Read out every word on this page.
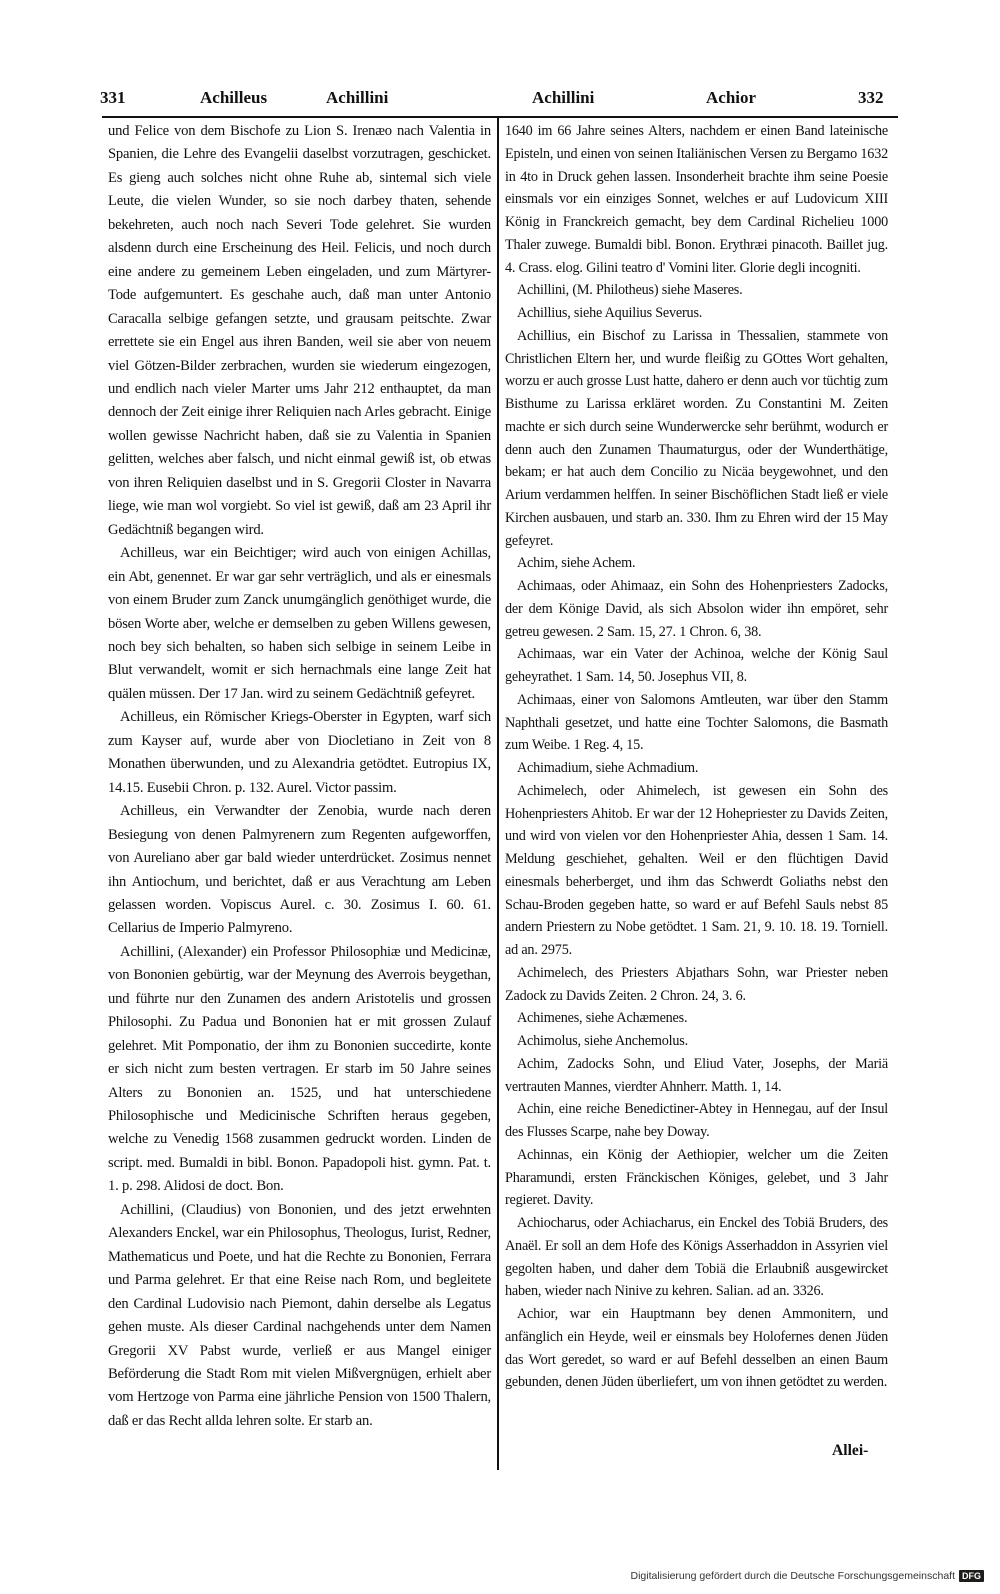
331	Achilleus	Achillini	Achillini	Achior	332

und Felice von dem Bischofe zu Lion S. Irenæo nach Valentia in Spanien, die Lehre des Evangelii daselbst vorzutragen, geschicket. Es gieng auch solches nicht ohne Ruhe ab, sintemal sich viele Leute, die vielen Wunder, so sie noch darbey thaten, sehende bekehreten, auch noch nach Severi Tode gelehret. Sie wurden alsdenn durch eine Erscheinung des Heil. Felicis, und noch durch eine andere zu gemeinem Leben eingeladen, und zum Märtyrer-Tode aufgemuntert. Es geschahe auch, daß man unter Antonio Caracalla selbige gefangen setzte, und grausam peitschte. Zwar errettete sie ein Engel aus ihren Banden, weil sie aber von neuem viel Götzen-Bilder zerbrachen, wurden sie wiederum eingezogen, und endlich nach vieler Marter ums Jahr 212 enthauptet, da man dennoch der Zeit einige ihrer Reliquien nach Arles gebracht. Einige wollen gewisse Nachricht haben, daß sie zu Valentia in Spanien gelitten, welches aber falsch, und nicht einmal gewiß ist, ob etwas von ihren Reliquien daselbst und in S. Gregorii Closter in Navarra liege, wie man wol vorgiebt. So viel ist gewiß, daß am 23 April ihr Gedächtniß begangen wird.

Achilleus, war ein Beichtiger; wird auch von einigen Achillas, ein Abt, genennet. Er war gar sehr verträglich, und als er einesmals von einem Bruder zum Zanck unumgänglich genöthiget wurde, die bösen Worte aber, welche er demselben zu geben Willens gewesen, noch bey sich behalten, so haben sich selbige in seinem Leibe in Blut verwandelt, womit er sich hernachmals eine lange Zeit hat quälen müssen. Der 17 Jan. wird zu seinem Gedächtniß gefeyret.

Achilleus, ein Römischer Kriegs-Oberster in Egypten, warf sich zum Kayser auf, wurde aber von Diocletiano in Zeit von 8 Monathen überwunden, und zu Alexandria getödtet. Eutropius IX, 14.15. Eusebii Chron. p. 132. Aurel. Victor passim.

Achilleus, ein Verwandter der Zenobia, wurde nach deren Besiegung von denen Palmyrenern zum Regenten aufgeworffen, von Aureliano aber gar bald wieder unterdrücket. Zosimus nennet ihn Antiochum, und berichtet, daß er aus Verachtung am Leben gelassen worden. Vopiscus Aurel. c. 30. Zosimus I. 60. 61. Cellarius de Imperio Palmyreno.

Achillini, (Alexander) ein Professor Philosophiæ und Medicinæ, von Bononien gebürtig, war der Meynung des Averrois beygethan, und führte nur den Zunamen des andern Aristotelis und grossen Philosophi. Zu Padua und Bononien hat er mit grossen Zulauf gelehret. Mit Pomponatio, der ihm zu Bononien succedirte, konte er sich nicht zum besten vertragen. Er starb im 50 Jahre seines Alters zu Bononien an. 1525, und hat unterschiedene Philosophische und Medicinische Schriften heraus gegeben, welche zu Venedig 1568 zusammen gedruckt worden. Linden de script. med. Bumaldi in bibl. Bonon. Papadopoli hist. gymn. Pat. t. 1. p. 298. Alidosi de doct. Bon.

Achillini, (Claudius) von Bononien, und des jetzt erwehnten Alexanders Enckel, war ein Philosophus, Theologus, Iurist, Redner, Mathematicus und Poete, und hat die Rechte zu Bononien, Ferrara und Parma gelehret. Er that eine Reise nach Rom, und begleitete den Cardinal Ludovisio nach Piemont, dahin derselbe als Legatus gehen muste. Als dieser Cardinal nachgehends unter dem Namen Gregorii XV Pabst wurde, verließ er aus Mangel einiger Beförderung die Stadt Rom mit vielen Mißvergnügen, erhielt aber vom Hertzoge von Parma eine jährliche Pension von 1500 Thalern, daß er das Recht allda lehren solte. Er starb an.

1640 im 66 Jahre seines Alters, nachdem er einen Band lateinische Episteln, und einen von seinen Italiänischen Versen zu Bergamo 1632 in 4to in Druck gehen lassen. Insonderheit brachte ihm seine Poesie einsmals vor ein einziges Sonnet, welches er auf Ludovicum XIII König in Franckreich gemacht, bey dem Cardinal Richelieu 1000 Thaler zuwege. Bumaldi bibl. Bonon. Erythræi pinacoth. Baillet jug. 4. Crass. elog. Gilini teatro d' Vomini liter. Glorie degli incogniti.

Achillini, (M. Philotheus) siehe Maseres.

Achillius, siehe Aquilius Severus.

Achillius, ein Bischof zu Larissa in Thessalien, stammete von Christlichen Eltern her, und wurde fleißig zu GOttes Wort gehalten, worzu er auch grosse Lust hatte, dahero er denn auch vor tüchtig zum Bisthume zu Larissa erkläret worden. Zu Constantini M. Zeiten machte er sich durch seine Wunderwercke sehr berühmt, wodurch er denn auch den Zunamen Thaumaturgus, oder der Wunderthätige, bekam; er hat auch dem Concilio zu Nicäa beygewohnet, und den Arium verdammen helffen. In seiner Bischöflichen Stadt ließ er viele Kirchen ausbauen, und starb an. 330. Ihm zu Ehren wird der 15 May gefeyret.

Achim, siehe Achem.

Achimaas, oder Ahimaaz, ein Sohn des Hohenpriesters Zadocks, der dem Könige David, als sich Absolon wider ihn empöret, sehr getreu gewesen. 2 Sam. 15, 27. 1 Chron. 6, 38.

Achimaas, war ein Vater der Achinoa, welche der König Saul geheyrathet. 1 Sam. 14, 50. Josephus VII, 8.

Achimaas, einer von Salomons Amtleuten, war über den Stamm Naphthali gesetzet, und hatte eine Tochter Salomons, die Basmath zum Weibe. 1 Reg. 4, 15.

Achimadium, siehe Achmadium.

Achimelech, oder Ahimelech, ist gewesen ein Sohn des Hohenpriesters Ahitob. Er war der 12 Hohepriester zu Davids Zeiten, und wird von vielen vor den Hohenpriester Ahia, dessen 1 Sam. 14. Meldung geschiehet, gehalten. Weil er den flüchtigen David einesmals beherberget, und ihm das Schwerdt Goliaths nebst den Schau-Broden gegeben hatte, so ward er auf Befehl Sauls nebst 85 andern Priestern zu Nobe getödtet. 1 Sam. 21, 9. 10. 18. 19. Torniell. ad an. 2975.

Achimelech, des Priesters Abjathars Sohn, war Priester neben Zadock zu Davids Zeiten. 2 Chron. 24, 3. 6.

Achimenes, siehe Achæmenes.

Achimolus, siehe Anchemolus.

Achim, Zadocks Sohn, und Eliud Vater, Josephs, der Mariä vertrauten Mannes, vierdter Ahnherr. Matth. 1, 14.

Achin, eine reiche Benedictiner-Abtey in Hennegau, auf der Insul des Flusses Scarpe, nahe bey Doway.

Achinnas, ein König der Aethiopier, welcher um die Zeiten Pharamundi, ersten Fränckischen Königes, gelebet, und 3 Jahr regieret. Davity.

Achiocharus, oder Achiacharus, ein Enckel des Tobiä Bruders, des Anaël. Er soll an dem Hofe des Königs Asserhaddon in Assyrien viel gegolten haben, und daher dem Tobiä die Erlaubniß ausgewircket haben, wieder nach Ninive zu kehren. Salian. ad an. 3326.

Achior, war ein Hauptmann bey denen Ammonitern, und anfänglich ein Heyde, weil er einsmals bey Holofernes denen Jüden das Wort geredet, so ward er auf Befehl desselben an einen Baum gebunden, denen Jüden überliefert, um von ihnen getödtet zu werden.

Allei-
Digitalisierung gefördert durch die Deutsche Forschungsgemeinschaft DFG
